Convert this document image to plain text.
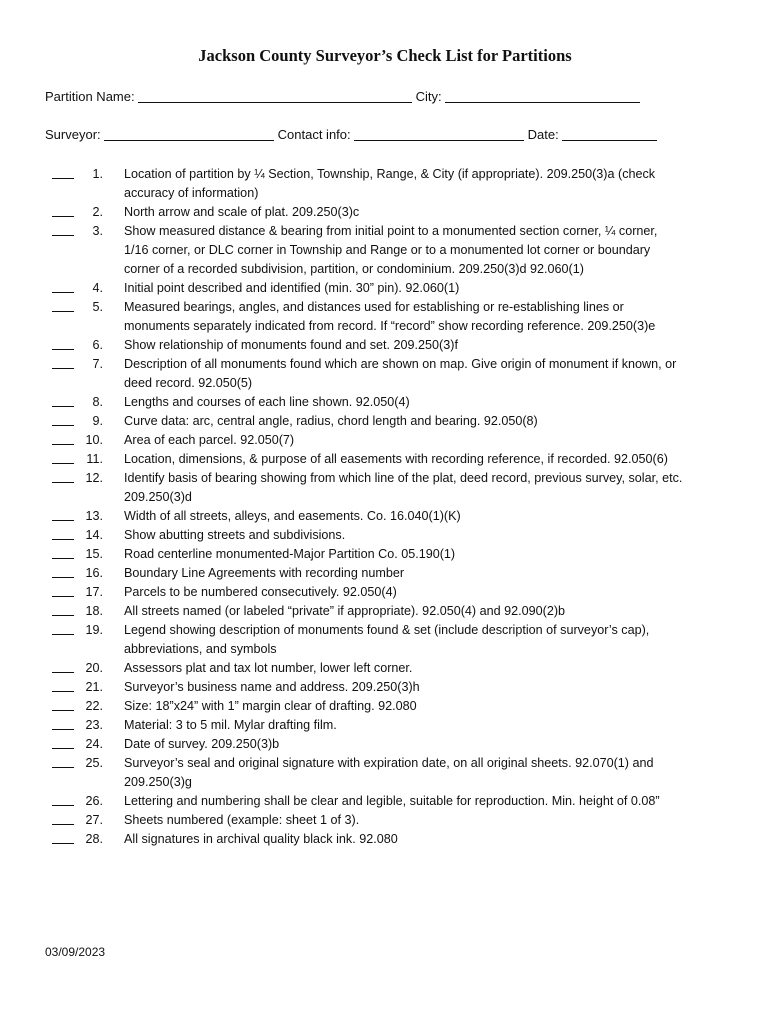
Jackson County Surveyor’s Check List for Partitions
Partition Name:	City:
Surveyor:	Contact info:	Date:
1. Location of partition by ¼ Section, Township, Range, & City (if appropriate). 209.250(3)a (check accuracy of information)
2. North arrow and scale of plat. 209.250(3)c
3. Show measured distance & bearing from initial point to a monumented section corner, ¼ corner, 1/16 corner, or DLC corner in Township and Range or to a monumented lot corner or boundary corner of a recorded subdivision, partition, or condominium. 209.250(3)d 92.060(1)
4. Initial point described and identified (min. 30” pin). 92.060(1)
5. Measured bearings, angles, and distances used for establishing or re-establishing lines or monuments separately indicated from record. If “record” show recording reference. 209.250(3)e
6. Show relationship of monuments found and set. 209.250(3)f
7. Description of all monuments found which are shown on map. Give origin of monument if known, or deed record. 92.050(5)
8. Lengths and courses of each line shown. 92.050(4)
9. Curve data: arc, central angle, radius, chord length and bearing. 92.050(8)
10. Area of each parcel. 92.050(7)
11. Location, dimensions, & purpose of all easements with recording reference, if recorded. 92.050(6)
12. Identify basis of bearing showing from which line of the plat, deed record, previous survey, solar, etc. 209.250(3)d
13. Width of all streets, alleys, and easements. Co. 16.040(1)(K)
14. Show abutting streets and subdivisions.
15. Road centerline monumented-Major Partition Co. 05.190(1)
16. Boundary Line Agreements with recording number
17. Parcels to be numbered consecutively. 92.050(4)
18. All streets named (or labeled “private” if appropriate). 92.050(4) and 92.090(2)b
19. Legend showing description of monuments found & set (include description of surveyor’s cap), abbreviations, and symbols
20. Assessors plat and tax lot number, lower left corner.
21. Surveyor’s business name and address. 209.250(3)h
22. Size: 18”x24” with 1” margin clear of drafting. 92.080
23. Material: 3 to 5 mil. Mylar drafting film.
24. Date of survey. 209.250(3)b
25. Surveyor’s seal and original signature with expiration date, on all original sheets. 92.070(1) and 209.250(3)g
26. Lettering and numbering shall be clear and legible, suitable for reproduction. Min. height of 0.08”
27. Sheets numbered (example: sheet 1 of 3).
28. All signatures in archival quality black ink. 92.080
03/09/2023
